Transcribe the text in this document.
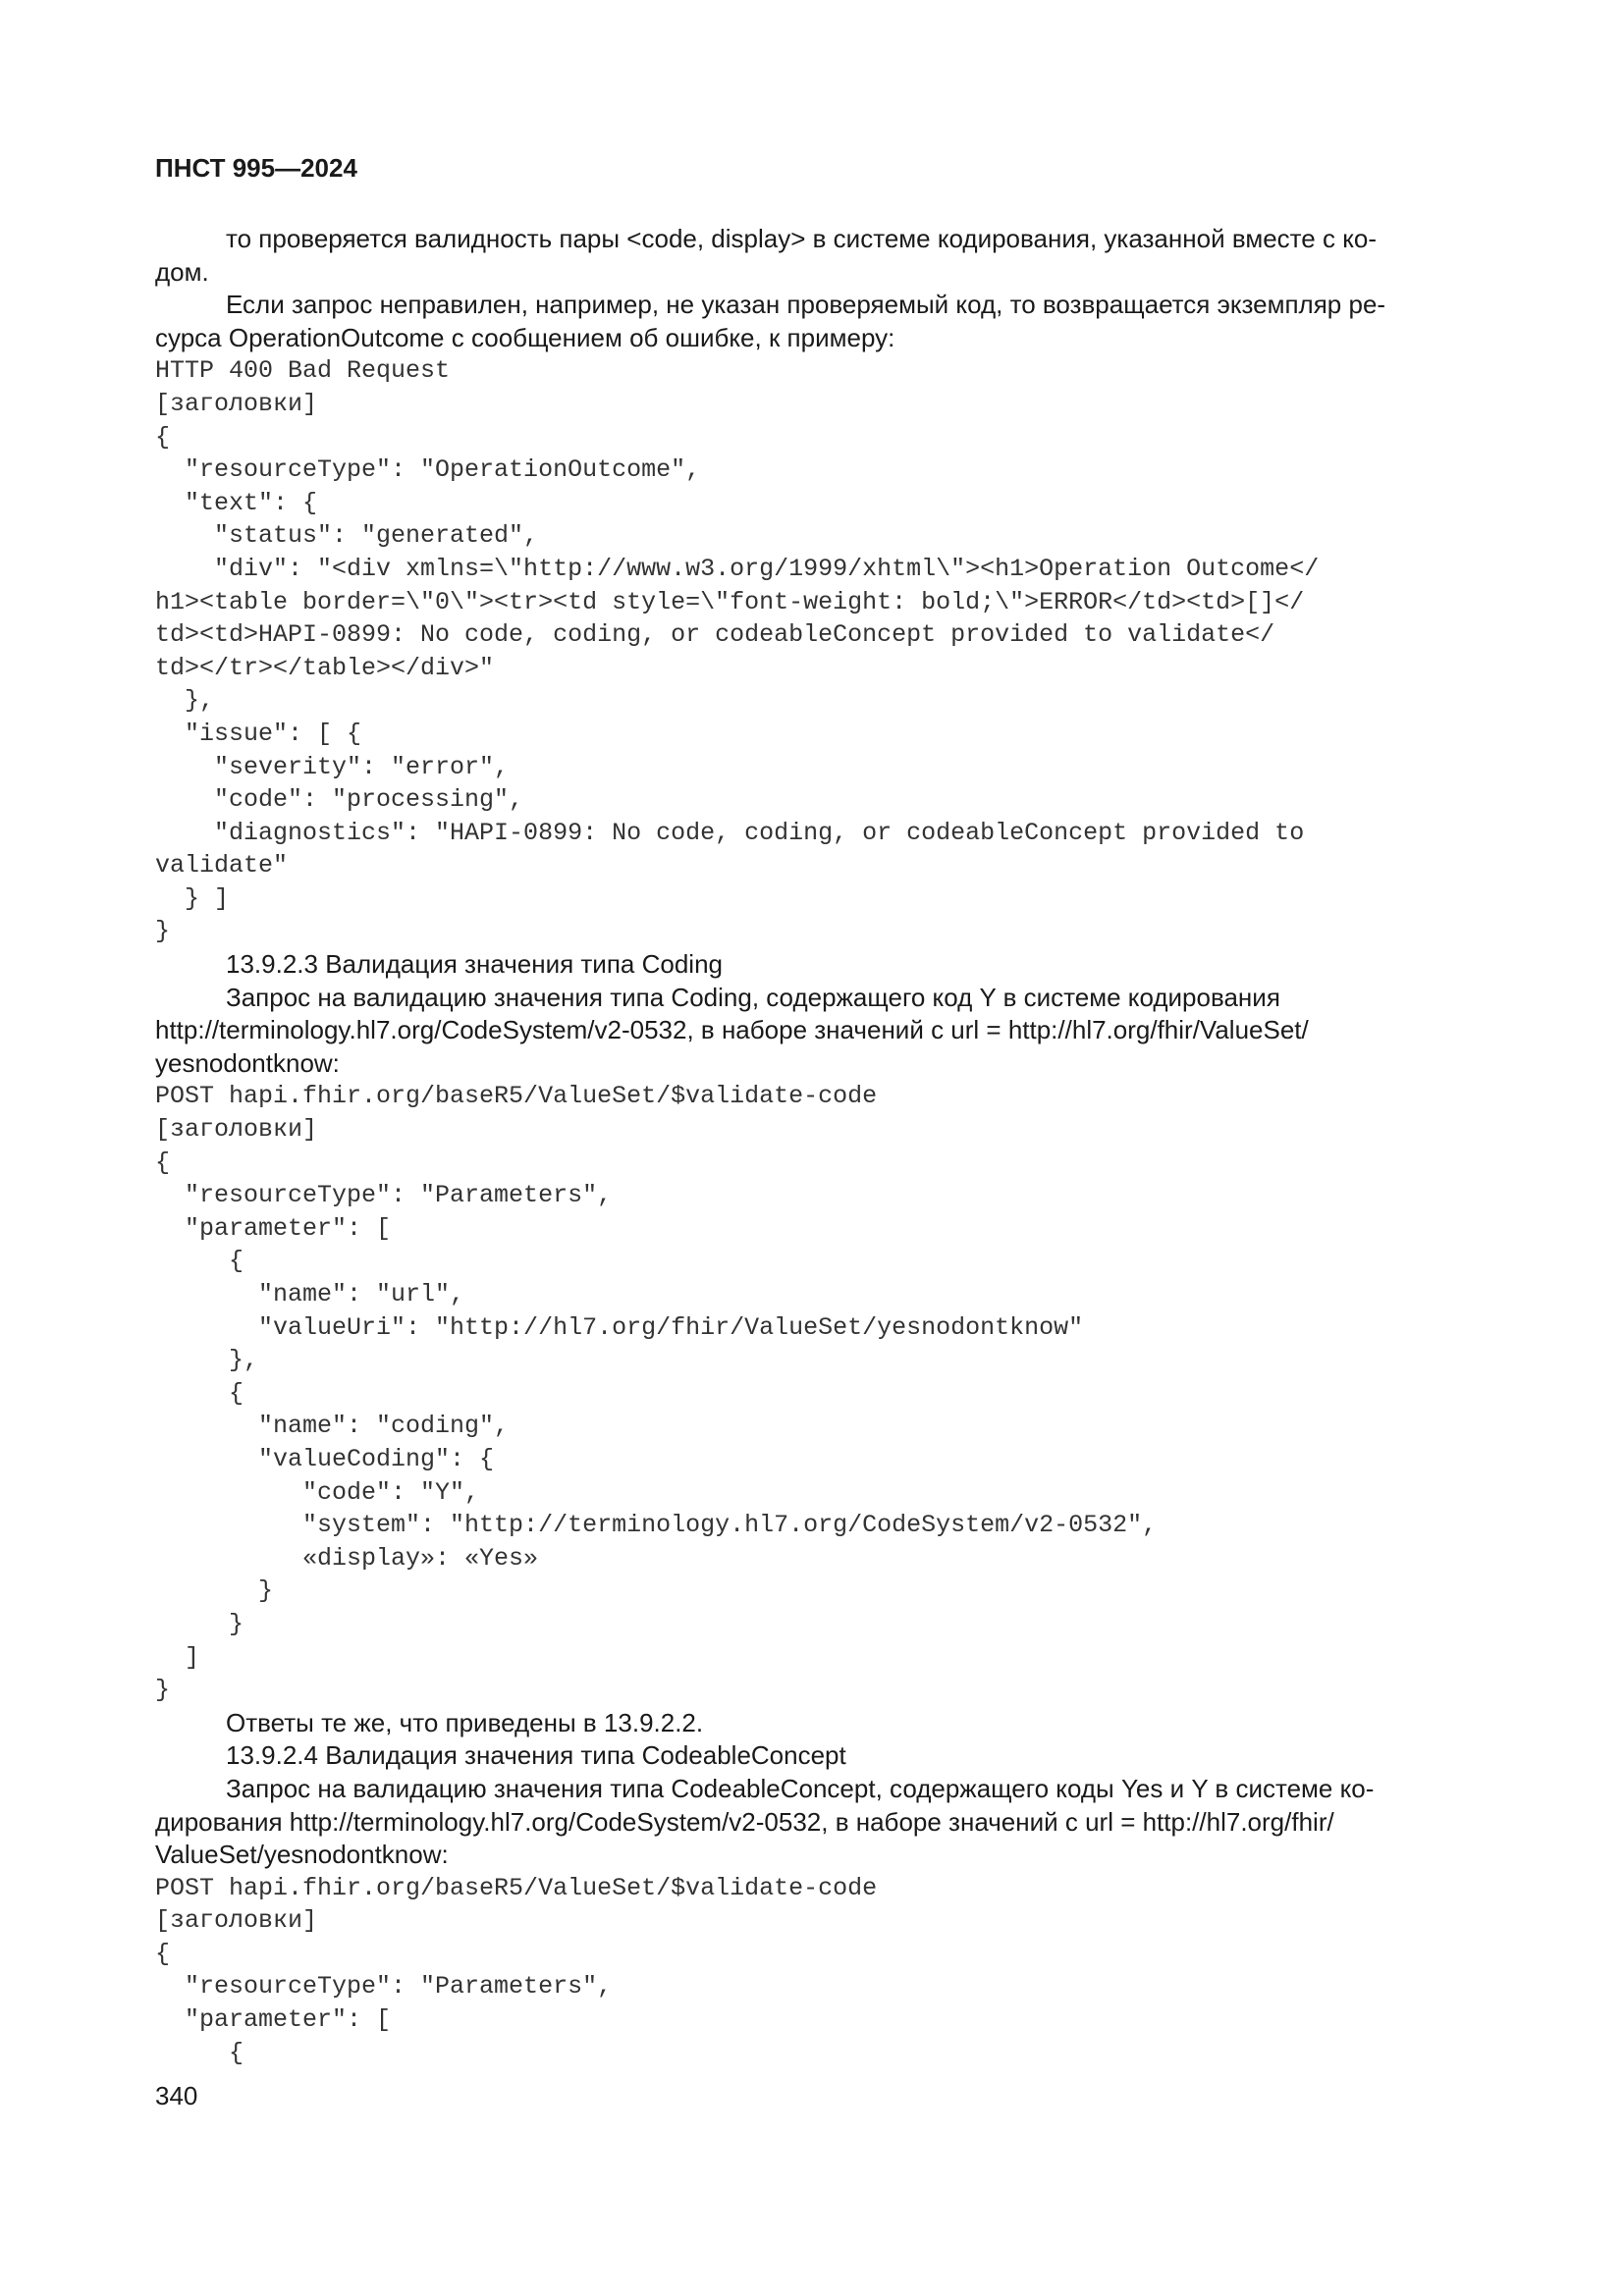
ПНСТ 995—2024

то проверяется валидность пары <code, display> в системе кодирования, указанной вместе с ко-

дом.

Если запрос неправилен, например, не указан проверяемый код, то возвращается экземпляр ре-

сурса OperationOutcome с сообщением об ошибке, к примеру:

HTTP 400 Bad Request
[заголовки]
{
"resourceType": "OperationOutcome",
"text": {
"status": "generated",
"div": "<div xmlns=\"http://www.w3.org/1999/xhtml\"><h1>Operation Outcome</
h1><table border=\"0\"><tr><td style=\"font-weight: bold;\">ERROR</td><td>[]</
td><td>HAPI-0899: No code, coding, or codeableConcept provided to validate</
td></tr></table></div>"
},
"issue": [ {
"severity": "error",
"code": "processing",
"diagnostics": "HAPI-0899: No code, coding, or codeableConcept provided to
validate"
} ]
}

13.9.2.3 Валидация значения типа Coding

Запрос на валидацию значения типа Coding, содержащего код Y в системе кодирования

http://terminology.hl7.org/CodeSystem/v2-0532, в наборе значений с url = http://hl7.org/fhir/ValueSet/

yesnodontknow:

POST hapi.fhir.org/baseR5/ValueSet/$validate-code
[заголовки]
{
"resourceType": "Parameters",
"parameter": [
{
"name": "url",
"valueUri": "http://hl7.org/fhir/ValueSet/yesnodontknow"
},
{
"name": "coding",
"valueCoding": {
"code": "Y",
"system": "http://terminology.hl7.org/CodeSystem/v2-0532",
«display»: «Yes»
}
}
]
}

Ответы те же, что приведены в 13.9.2.2.

13.9.2.4 Валидация значения типа CodeableConcept

Запрос на валидацию значения типа CodeableConcept, содержащего коды Yes и Y в системе ко-

дирования http://terminology.hl7.org/CodeSystem/v2-0532, в наборе значений с url = http://hl7.org/fhir/

ValueSet/yesnodontknow:

POST hapi.fhir.org/baseR5/ValueSet/$validate-code
[заголовки]
{
"resourceType": "Parameters",
"parameter": [
{
340
